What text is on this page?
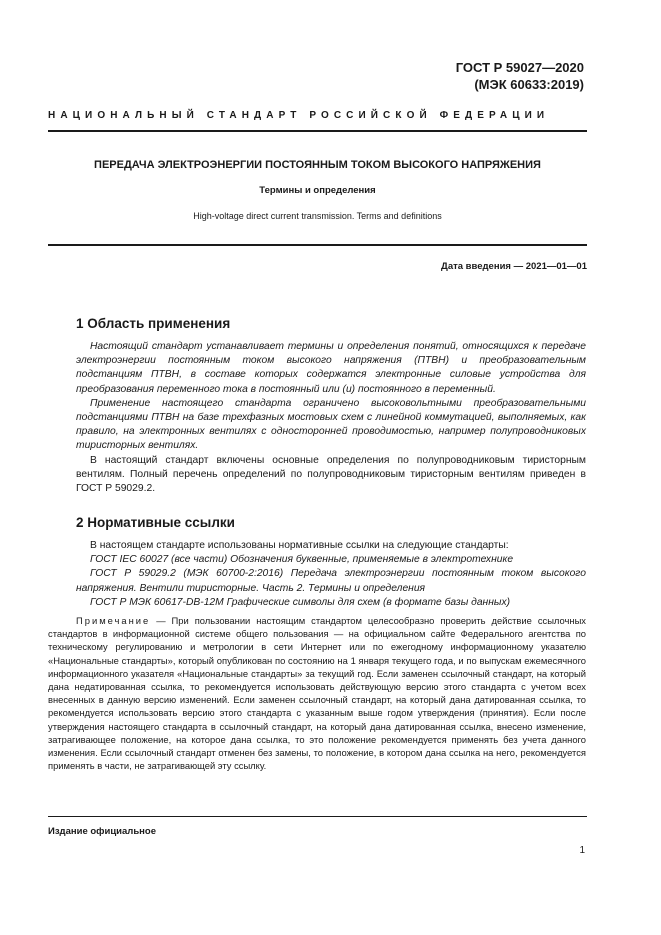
ГОСТ Р 59027—2020
(МЭК 60633:2019)
НАЦИОНАЛЬНЫЙ СТАНДАРТ РОССИЙСКОЙ ФЕДЕРАЦИИ
ПЕРЕДАЧА ЭЛЕКТРОЭНЕРГИИ ПОСТОЯННЫМ ТОКОМ ВЫСОКОГО НАПРЯЖЕНИЯ
Термины и определения
High-voltage direct current transmission. Terms and definitions
Дата введения — 2021—01—01
1 Область применения

Настоящий стандарт устанавливает термины и определения понятий, относящихся к передаче электроэнергии постоянным током высокого напряжения (ПТВН) и преобразовательным подстанциям ПТВН, в составе которых содержатся электронные силовые устройства для преобразования переменного тока в постоянный или (и) постоянного в переменный.

Применение настоящего стандарта ограничено высоковольтными преобразовательными подстанциями ПТВН на базе трехфазных мостовых схем с линейной коммутацией, выполняемых, как правило, на электронных вентилях с односторонней проводимостью, например полупроводниковых тиристорных вентилях.

В настоящий стандарт включены основные определения по полупроводниковым тиристорным вентилям. Полный перечень определений по полупроводниковым тиристорным вентилям приведен в ГОСТ Р 59029.2.

2 Нормативные ссылки

В настоящем стандарте использованы нормативные ссылки на следующие стандарты:

ГОСТ IEC 60027 (все части) Обозначения буквенные, применяемые в электротехнике

ГОСТ Р 59029.2 (МЭК 60700-2:2016) Передача электроэнергии постоянным током высокого напряжения. Вентили тиристорные. Часть 2. Термины и определения

ГОСТ Р МЭК 60617-DB-12M Графические символы для схем (в формате базы данных)

Примечание — При пользовании настоящим стандартом целесообразно проверить действие ссылочных стандартов в информационной системе общего пользования — на официальном сайте Федерального агентства по техническому регулированию и метрологии в сети Интернет или по ежегодному информационному указателю «Национальные стандарты», который опубликован по состоянию на 1 января текущего года, и по выпускам ежемесячного информационного указателя «Национальные стандарты» за текущий год. Если заменен ссылочный стандарт, на который дана недатированная ссылка, то рекомендуется использовать действующую версию этого стандарта с учетом всех внесенных в данную версию изменений. Если заменен ссылочный стандарт, на который дана датированная ссылка, то рекомендуется использовать версию этого стандарта с указанным выше годом утверждения (принятия). Если после утверждения настоящего стандарта в ссылочный стандарт, на который дана датированная ссылка, внесено изменение, затрагивающее положение, на которое дана ссылка, то это положение рекомендуется применять без учета данного изменения. Если ссылочный стандарт отменен без замены, то положение, в котором дана ссылка на него, рекомендуется применять в части, не затрагивающей эту ссылку.

Издание официальное
1
